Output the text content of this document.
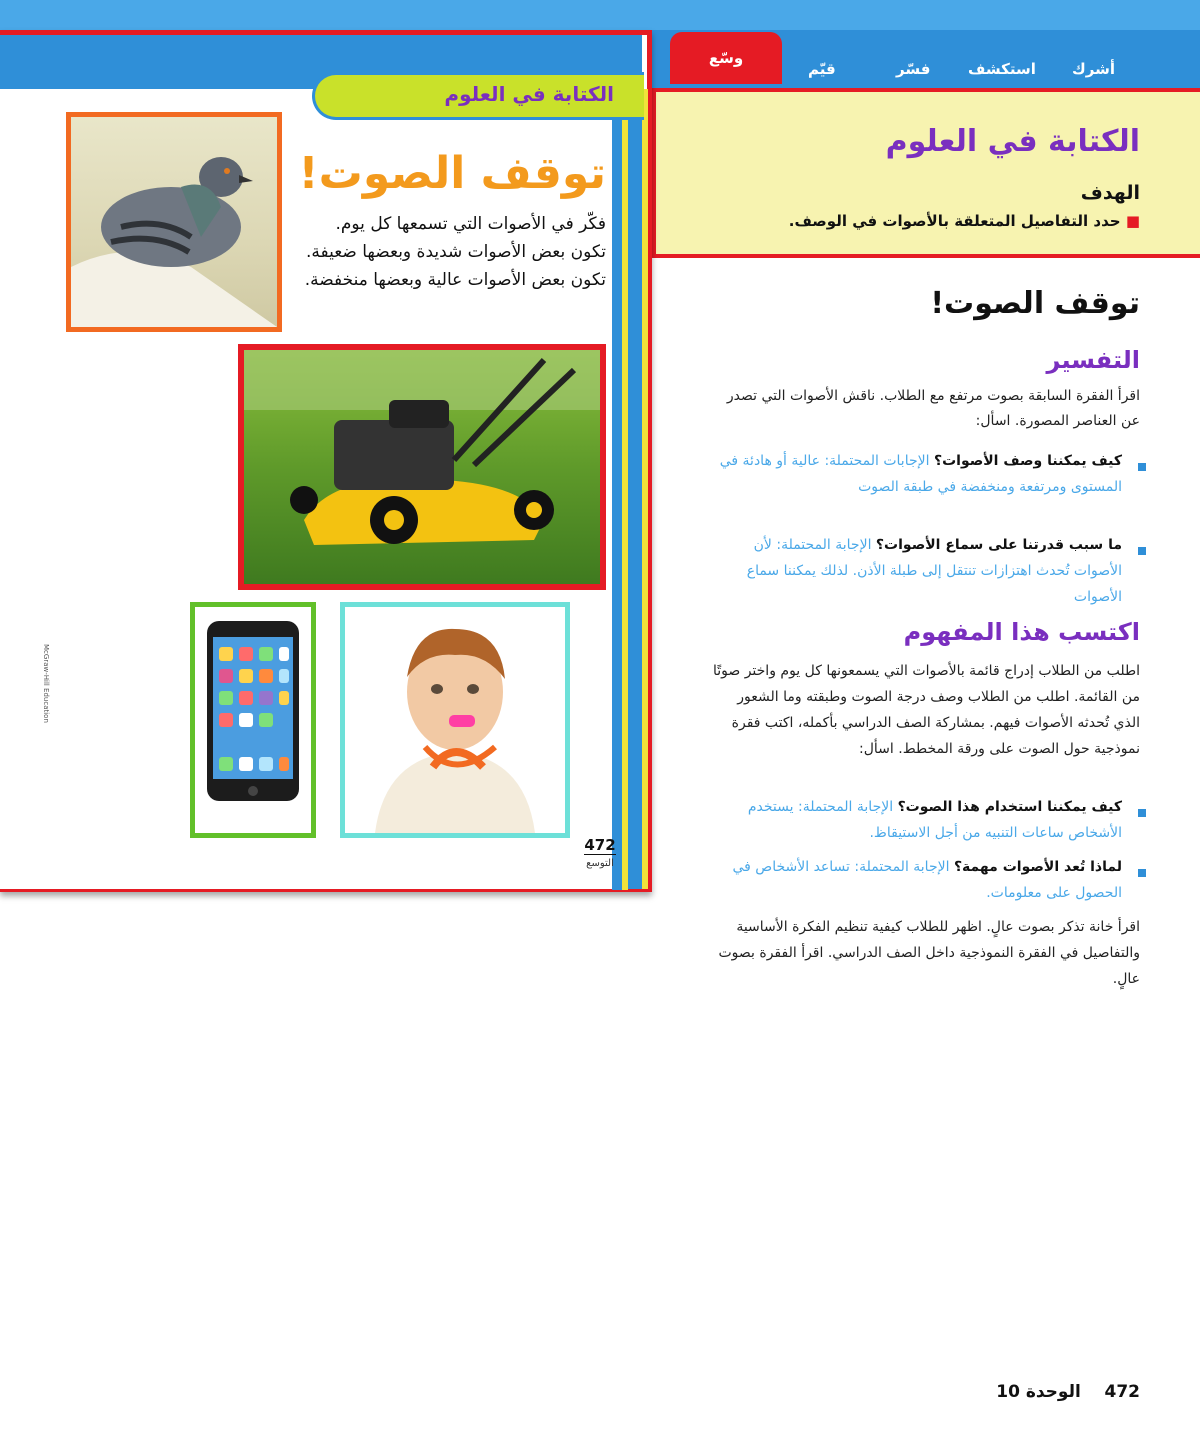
أشرك
استكشف
فسّر
قيّم
وسّع
الكتابة في العلوم
الهدف
■ حدد التفاصيل المتعلقة بالأصوات في الوصف.
توقف الصوت!
التفسير
اقرأ الفقرة السابقة بصوت مرتفع مع الطلاب. ناقش الأصوات التي تصدر عن العناصر المصورة. اسأل:
كيف يمكننا وصف الأصوات؟ الإجابات المحتملة: عالية أو هادئة في المستوى ومرتفعة ومنخفضة في طبقة الصوت
ما سبب قدرتنا على سماع الأصوات؟ الإجابة المحتملة: لأن الأصوات تُحدث اهتزازات تنتقل إلى طبلة الأذن. لذلك يمكننا سماع الأصوات
اكتسب هذا المفهوم
اطلب من الطلاب إدراج قائمة بالأصوات التي يسمعونها كل يوم واختر صوتًا من القائمة. اطلب من الطلاب وصف درجة الصوت وطبقته وما الشعور الذي تُحدثه الأصوات فيهم. بمشاركة الصف الدراسي بأكمله، اكتب فقرة نموذجية حول الصوت على ورقة المخطط. اسأل:
كيف يمكننا استخدام هذا الصوت؟ الإجابة المحتملة: يستخدم الأشخاص ساعات التنبيه من أجل الاستيقاظ.
لماذا تُعد الأصوات مهمة؟ الإجابة المحتملة: تساعد الأشخاص في الحصول على معلومات.
اقرأ خانة تذكر بصوت عالٍ. اظهر للطلاب كيفية تنظيم الفكرة الأساسية والتفاصيل في الفقرة النموذجية داخل الصف الدراسي. اقرأ الفقرة بصوت عالٍ.
472    الوحدة 10
الكتابة في العلوم
توقف الصوت!
فكّر في الأصوات التي تسمعها كل يوم. تكون بعض الأصوات شديدة وبعضها ضعيفة. تكون بعض الأصوات عالية وبعضها منخفضة.
472
التوسع
McGraw-Hill Education
